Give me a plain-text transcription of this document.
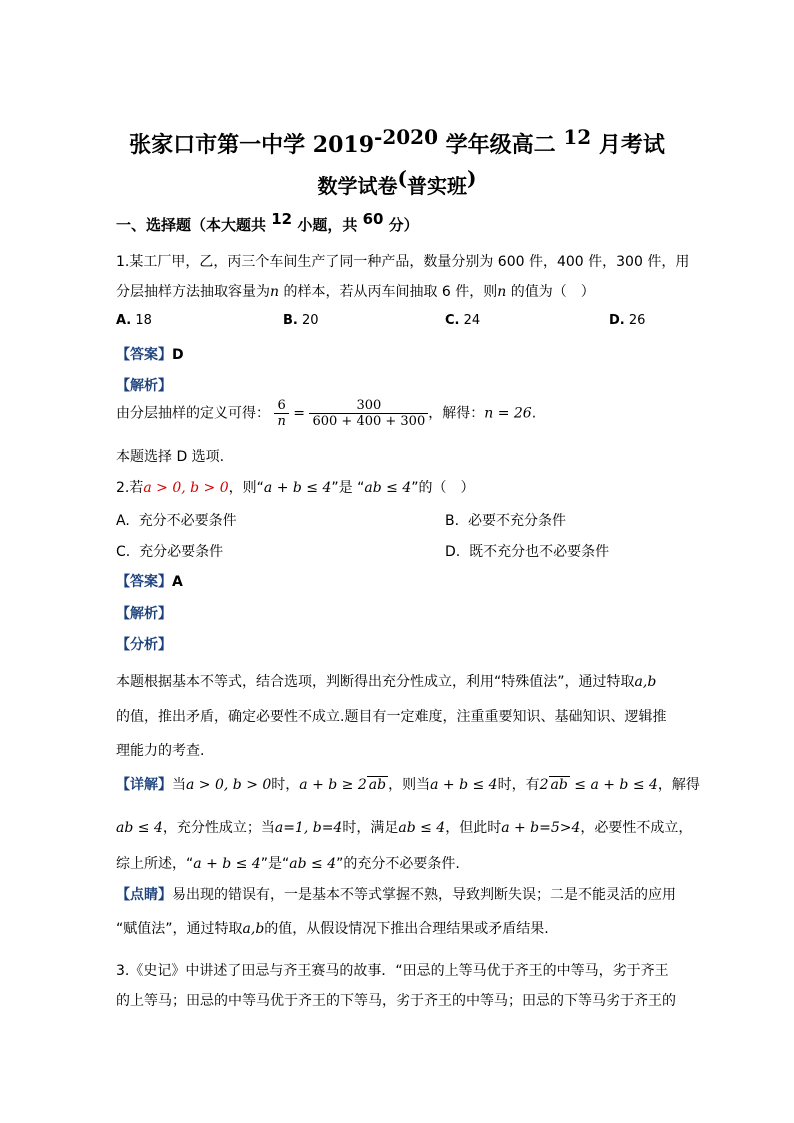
张家口市第一中学 2019-2020 学年级高二 12 月考试
数学试卷(普实班)
一、选择题（本大题共 12 小题，共 60 分）
1.某工厂甲，乙，丙三个车间生产了同一种产品，数量分别为 600 件，400 件，300 件，用
分层抽样方法抽取容量为n 的样本，若从丙车间抽取 6 件，则n 的值为（　）
A. 18	B. 20	C. 24	D. 26
【答案】D
【解析】
由分层抽样的定义可得： $\frac{6}{n} = \frac{300}{600 + 400 + 300}$ ，解得：n = 26.
本题选择 D 选项.
2.若a > 0, b > 0，则“a + b ≤ 4”是 “ab ≤ 4”的（　）
A. 充分不必要条件	B. 必要不充分条件
C. 充分必要条件	D. 既不充分也不必要条件
【答案】A
【解析】
【分析】
本题根据基本不等式，结合选项，判断得出充分性成立，利用“特殊值法”，通过特取a,b
的值，推出矛盾，确定必要性不成立.题目有一定难度，注重重要知识、基础知识、逻辑推
理能力的考查.
【详解】当a > 0, b > 0时，a + b ≥ 2 ab ，则当a + b ≤ 4时，有2 ab ≤ a + b ≤ 4，解得
ab ≤ 4，充分性成立；当a=1, b=4时，满足ab ≤ 4，但此时a + b=5>4，必要性不成立，
综上所述，“a + b ≤ 4”是“ab ≤ 4”的充分不必要条件.
【点睛】易出现的错误有，一是基本不等式掌握不熟，导致判断失误；二是不能灵活的应用
“赋值法”，通过特取a,b的值，从假设情况下推出合理结果或矛盾结果.
3.《史记》中讲述了田忌与齐王赛马的故事．“田忌的上等马优于齐王的中等马，劣于齐王
的上等马；田忌的中等马优于齐王的下等马，劣于齐王的中等马；田忌的下等马劣于齐王的
